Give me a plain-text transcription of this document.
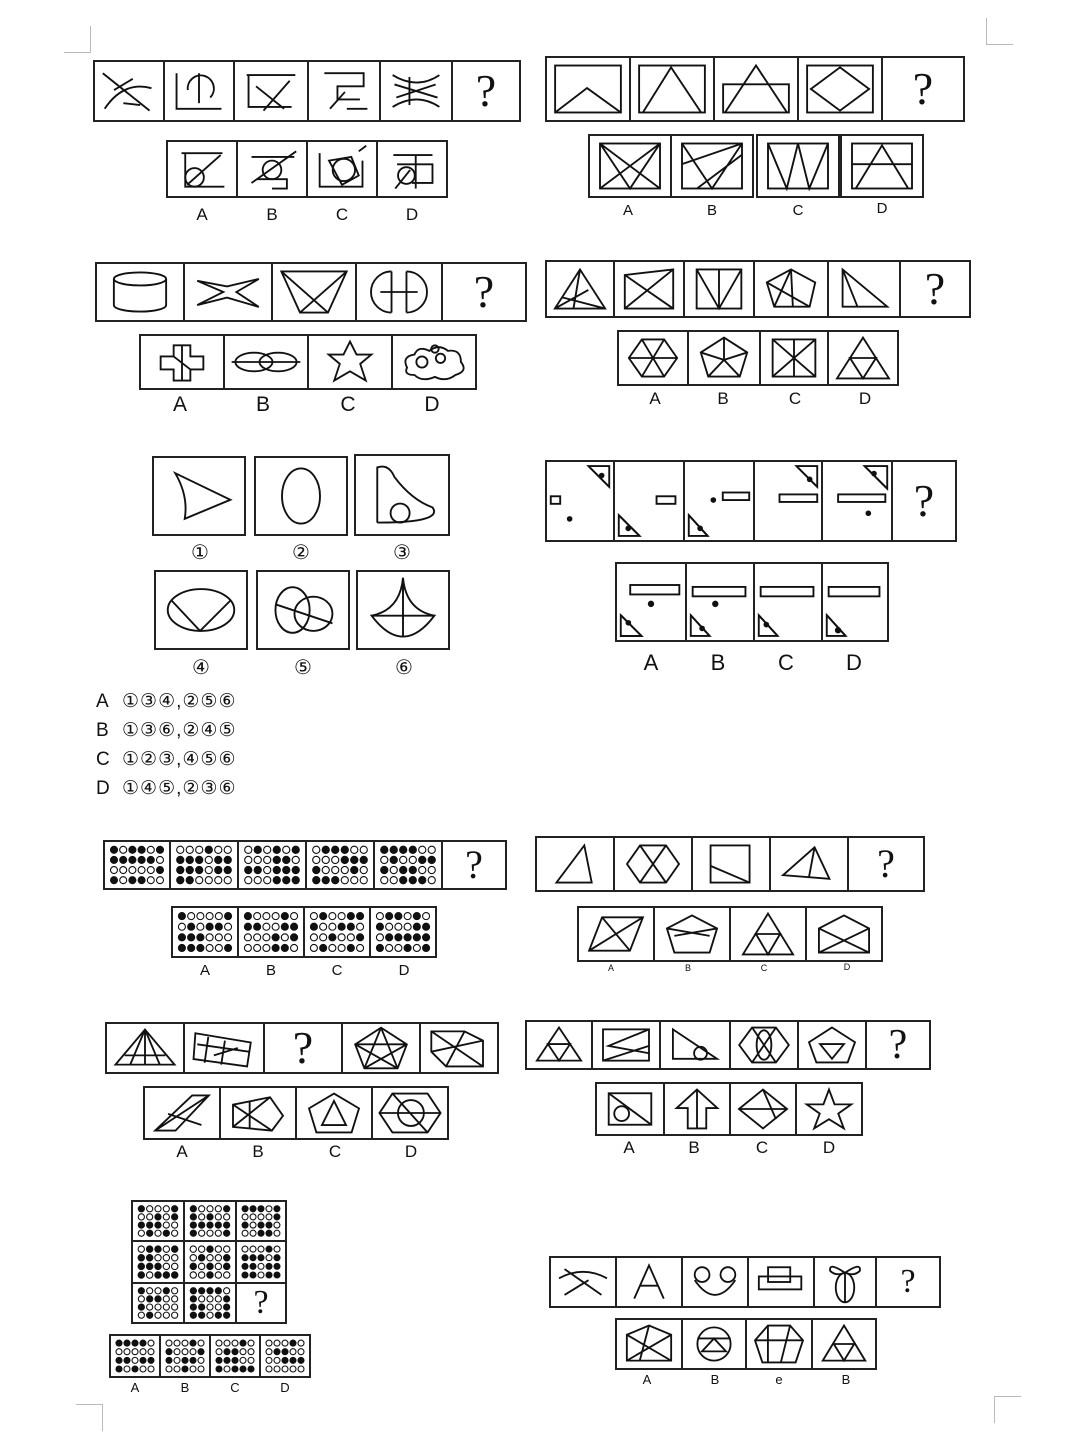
?
A	B	C	D
?
A	B	C	D
?
A	B	C	D
?
A	B	C	D
①	②	③
④	⑤	⑥
A ①③④,②⑤⑥
B ①③⑥,②④⑤
C ①②③,④⑤⑥
D ①④⑤,②③⑥
?
A	B	C	D
?
A	B	C	D
?
A	B	C	D
?
A	B	C	D
?
A	B	C	D
?
A	B	C	D
?
A	B	e	B
